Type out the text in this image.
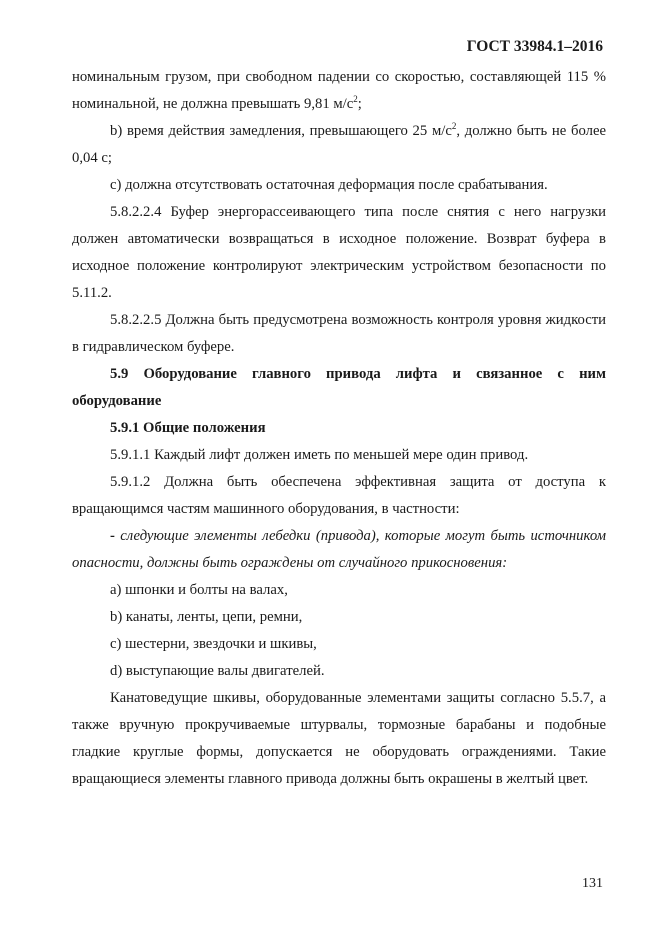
ГОСТ 33984.1–2016

номинальным грузом, при свободном падении со скоростью, составляющей 115 % номинальной, не должна превышать 9,81 $м/с^2$;

b) время действия замедления, превышающего 25 $м/с^2$, должно быть не более 0,04 с;

c) должна отсутствовать остаточная деформация после срабатывания.

5.8.2.2.4 Буфер энергорассеивающего типа после снятия с него нагрузки должен автоматически возвращаться в исходное положение. Возврат буфера в исходное положение контролируют электрическим устройством безопасности по 5.11.2.

5.8.2.2.5 Должна быть предусмотрена возможность контроля уровня жидкости в гидравлическом буфере.

5.9 Оборудование главного привода лифта и связанное с ним оборудование

5.9.1 Общие положения

5.9.1.1 Каждый лифт должен иметь по меньшей мере один привод.

5.9.1.2 Должна быть обеспечена эффективная защита от доступа к вращающимся частям машинного оборудования, в частности:

- следующие элементы лебедки (привода), которые могут быть источником опасности, должны быть ограждены от случайного прикосновения:

a) шпонки и болты на валах,

b) канаты, ленты, цепи, ремни,

c) шестерни, звездочки и шкивы,

d) выступающие валы двигателей.

Канатоведущие шкивы, оборудованные элементами защиты согласно 5.5.7, а также вручную прокручиваемые штурвалы, тормозные барабаны и подобные гладкие круглые формы, допускается не оборудовать ограждениями. Такие вращающиеся элементы главного привода должны быть окрашены в желтый цвет.

131
